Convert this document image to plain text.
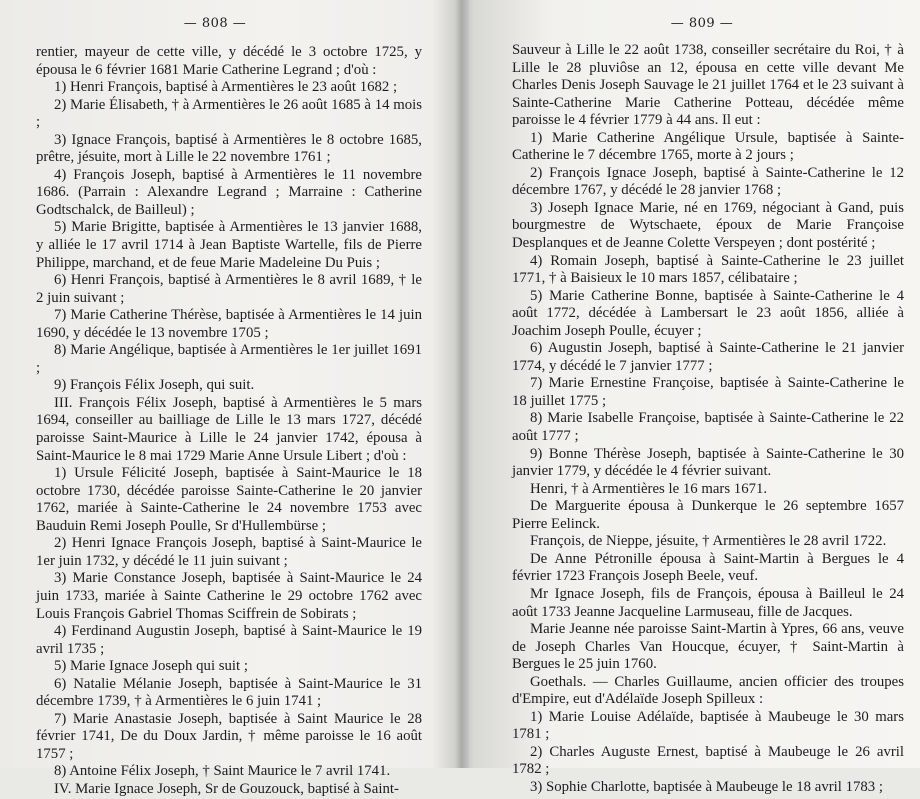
— 808 —

rentier, mayeur de cette ville, y décédé le 3 octobre 1725, y épousa le 6 février 1681 Marie Catherine Legrand ; d'où :

1) Henri François, baptisé à Armentières le 23 août 1682 ;

2) Marie Élisabeth, † à Armentières le 26 août 1685 à 14 mois ;

3) Ignace François, baptisé à Armentières le 8 octobre 1685, prêtre, jésuite, mort à Lille le 22 novembre 1761 ;

4) François Joseph, baptisé à Armentières le 11 novembre 1686. (Parrain : Alexandre Legrand ; Marraine : Catherine Godtschalck, de Bailleul) ;

5) Marie Brigitte, baptisée à Armentières le 13 janvier 1688, y alliée le 17 avril 1714 à Jean Baptiste Wartelle, fils de Pierre Philippe, marchand, et de feue Marie Madeleine Du Puis ;

6) Henri François, baptisé à Armentières le 8 avril 1689, † le 2 juin suivant ;

7) Marie Catherine Thérèse, baptisée à Armentières le 14 juin 1690, y décédée le 13 novembre 1705 ;

8) Marie Angélique, baptisée à Armentières le 1er juillet 1691 ;

9) François Félix Joseph, qui suit.

III. François Félix Joseph, baptisé à Armentières le 5 mars 1694, conseiller au bailliage de Lille le 13 mars 1727, décédé paroisse Saint-Maurice à Lille le 24 janvier 1742, épousa à Saint-Maurice le 8 mai 1729 Marie Anne Ursule Libert ; d'où :

1) Ursule Félicité Joseph, baptisée à Saint-Maurice le 18 octobre 1730, décédée paroisse Sainte-Catherine le 20 janvier 1762, mariée à Sainte-Catherine le 24 novembre 1753 avec Bauduin Remi Joseph Poulle, Sr d'Hullembürse ;

2) Henri Ignace François Joseph, baptisé à Saint-Maurice le 1er juin 1732, y décédé le 11 juin suivant ;

3) Marie Constance Joseph, baptisée à Saint-Maurice le 24 juin 1733, mariée à Sainte Catherine le 29 octobre 1762 avec Louis François Gabriel Thomas Sciffrein de Sobirats ;

4) Ferdinand Augustin Joseph, baptisé à Saint-Maurice le 19 avril 1735 ;

5) Marie Ignace Joseph qui suit ;

6) Natalie Mélanie Joseph, baptisée à Saint-Maurice le 31 décembre 1739, † à Armentières le 6 juin 1741 ;

7) Marie Anastasie Joseph, baptisée à Saint Maurice le 28 février 1741, De du Doux Jardin, † même paroisse le 16 août 1757 ;

8) Antoine Félix Joseph, † Saint Maurice le 7 avril 1741.

IV. Marie Ignace Joseph, Sr de Gouzouck, baptisé à Saint-

— 809 —

Sauveur à Lille le 22 août 1738, conseiller secrétaire du Roi, † à Lille le 28 pluviôse an 12, épousa en cette ville devant Me Charles Denis Joseph Sauvage le 21 juillet 1764 et le 23 suivant à Sainte-Catherine Marie Catherine Potteau, décédée même paroisse le 4 février 1779 à 44 ans. Il eut :

1) Marie Catherine Angélique Ursule, baptisée à Sainte-Catherine le 7 décembre 1765, morte à 2 jours ;

2) François Ignace Joseph, baptisé à Sainte-Catherine le 12 décembre 1767, y décédé le 28 janvier 1768 ;

3) Joseph Ignace Marie, né en 1769, négociant à Gand, puis bourgmestre de Wytschaete, époux de Marie Françoise Desplanques et de Jeanne Colette Verspeyen ; dont postérité ;

4) Romain Joseph, baptisé à Sainte-Catherine le 23 juillet 1771, † à Baisieux le 10 mars 1857, célibataire ;

5) Marie Catherine Bonne, baptisée à Sainte-Catherine le 4 août 1772, décédée à Lambersart le 23 août 1856, alliée à Joachim Joseph Poulle, écuyer ;

6) Augustin Joseph, baptisé à Sainte-Catherine le 21 janvier 1774, y décédé le 7 janvier 1777 ;

7) Marie Ernestine Françoise, baptisée à Sainte-Catherine le 18 juillet 1775 ;

8) Marie Isabelle Françoise, baptisée à Sainte-Catherine le 22 août 1777 ;

9) Bonne Thérèse Joseph, baptisée à Sainte-Catherine le 30 janvier 1779, y décédée le 4 février suivant.

Henri, † à Armentières le 16 mars 1671.

De Marguerite épousa à Dunkerque le 26 septembre 1657 Pierre Eelinck.

François, de Nieppe, jésuite, † Armentières le 28 avril 1722.

De Anne Pétronille épousa à Saint-Martin à Bergues le 4 février 1723 François Joseph Beele, veuf.

Mr Ignace Joseph, fils de François, épousa à Bailleul le 24 août 1733 Jeanne Jacqueline Larmuseau, fille de Jacques.

Marie Jeanne née paroisse Saint-Martin à Ypres, 66 ans, veuve de Joseph Charles Van Houcque, écuyer, † Saint-Martin à Bergues le 25 juin 1760.

Goethals. — Charles Guillaume, ancien officier des troupes d'Empire, eut d'Adélaïde Joseph Spilleux :

1) Marie Louise Adélaïde, baptisée à Maubeuge le 30 mars 1781 ;

2) Charles Auguste Ernest, baptisé à Maubeuge le 26 avril 1782 ;

3) Sophie Charlotte, baptisée à Maubeuge le 18 avril 1783 ;
